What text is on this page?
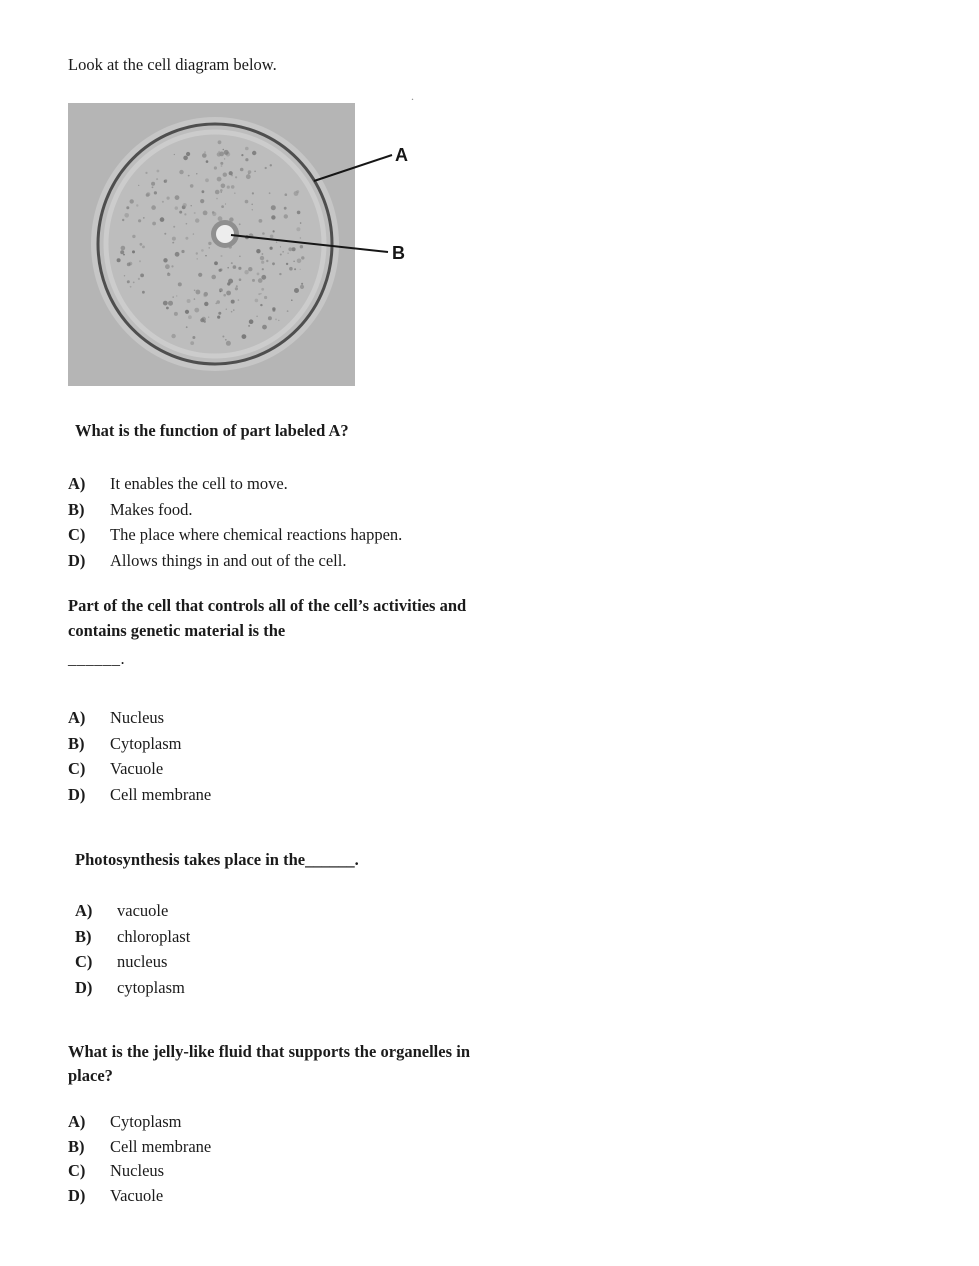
Look at the cell diagram below.

A
B
.

What is the function of part labeled A?

A)	It enables the cell to move.
B)	Makes food.
C)	The place where chemical reactions happen.
D)	Allows things in and out of the cell.

Part of the cell that controls all of the cell’s activities and contains genetic material is the

______.

A)	Nucleus
B)	Cytoplasm
C)	Vacuole
D)	Cell membrane

Photosynthesis takes place in the______.

A)	vacuole
B)	chloroplast
C)	nucleus
D)	cytoplasm

What is the jelly-like fluid that supports the organelles in place?

A)	Cytoplasm
B)	Cell membrane
C)	Nucleus
D)	Vacuole
